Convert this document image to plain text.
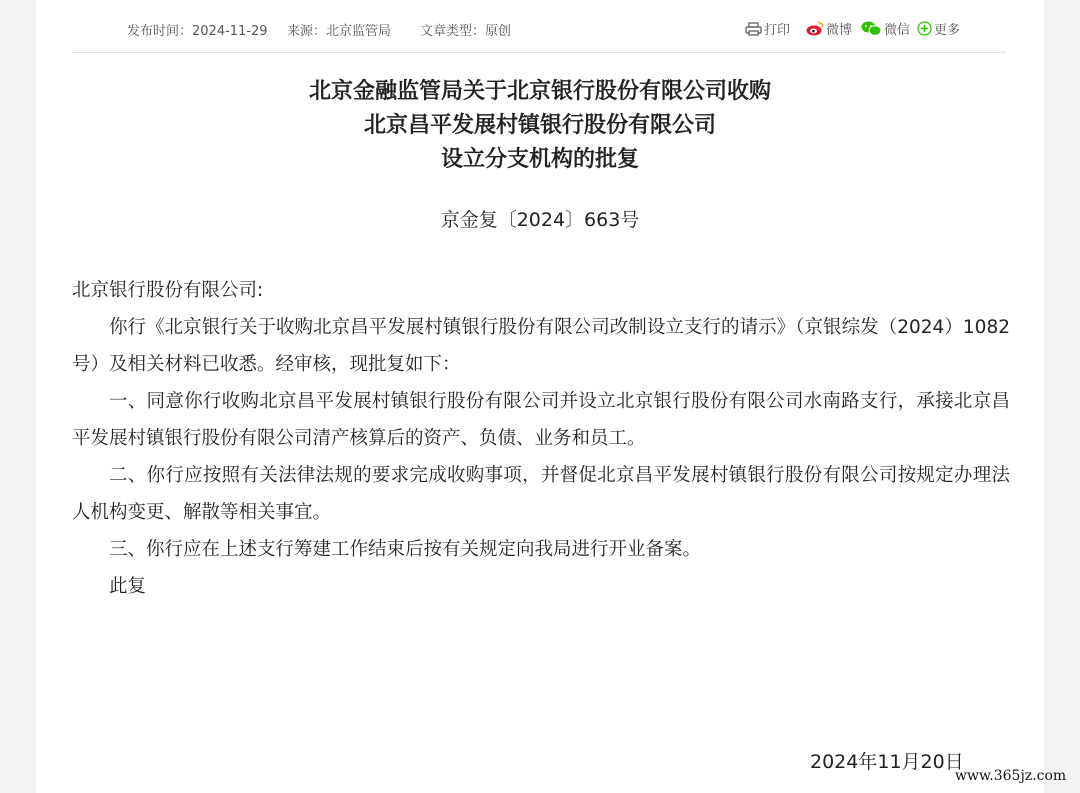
发布时间：2024-11-29 来源：北京监管局 文章类型：原创	打印	微博 微信 更多
北京金融监管局关于北京银行股份有限公司收购
北京昌平发展村镇银行股份有限公司
设立分支机构的批复
京金复〔2024〕663号
北京银行股份有限公司:

你行《北京银行关于收购北京昌平发展村镇银行股份有限公司改制设立支行的请示》（京银综发（2024）1082号）及相关材料已收悉。经审核，现批复如下：

一、同意你行收购北京昌平发展村镇银行股份有限公司并设立北京银行股份有限公司水南路支行，承接北京昌平发展村镇银行股份有限公司清产核算后的资产、负债、业务和员工。

二、你行应按照有关法律法规的要求完成收购事项，并督促北京昌平发展村镇银行股份有限公司按规定办理法人机构变更、解散等相关事宜。

三、你行应在上述支行筹建工作结束后按有关规定向我局进行开业备案。

此复

2024年11月20日
www.365jz.com
